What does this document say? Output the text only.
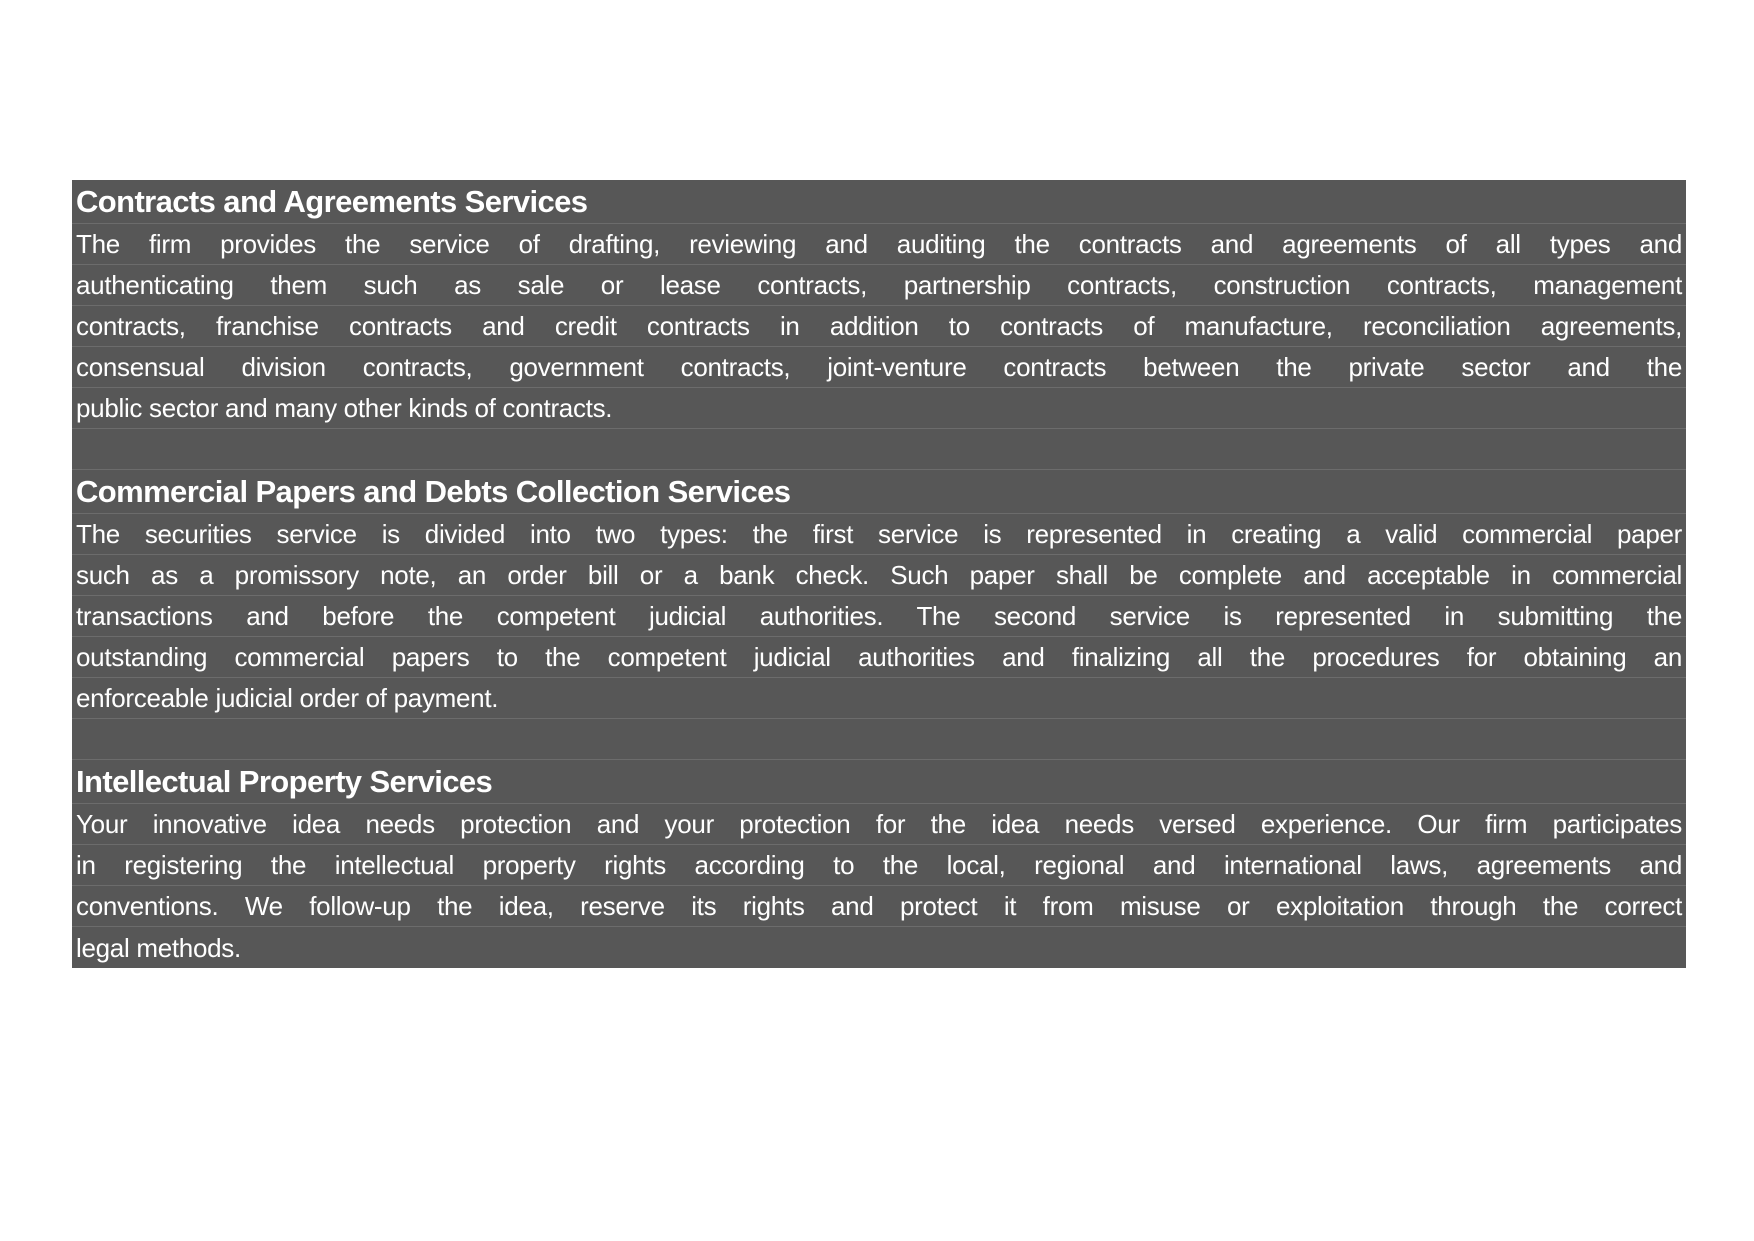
Contracts and Agreements Services
The firm provides the service of drafting, reviewing and auditing the contracts and agreements of all types and
authenticating them such as sale or lease contracts, partnership contracts, construction contracts, management
contracts, franchise contracts and credit contracts in addition to contracts of manufacture, reconciliation agreements,
consensual division contracts, government contracts, joint-venture contracts between the private sector and the
public sector and many other kinds of contracts.
Commercial Papers and Debts Collection Services
The securities service is divided into two types: the first service is represented in creating a valid commercial paper
such as a promissory note, an order bill or a bank check. Such paper shall be complete and acceptable in commercial
transactions and before the competent judicial authorities. The second service is represented in submitting the
outstanding commercial papers to the competent judicial authorities and finalizing all the procedures for obtaining an
enforceable judicial order of payment.
Intellectual Property Services
Your innovative idea needs protection and your protection for the idea needs versed experience. Our firm participates
in registering the intellectual property rights according to the local, regional and international laws, agreements and
conventions. We follow-up the idea, reserve its rights and protect it from misuse or exploitation through the correct
legal methods.
